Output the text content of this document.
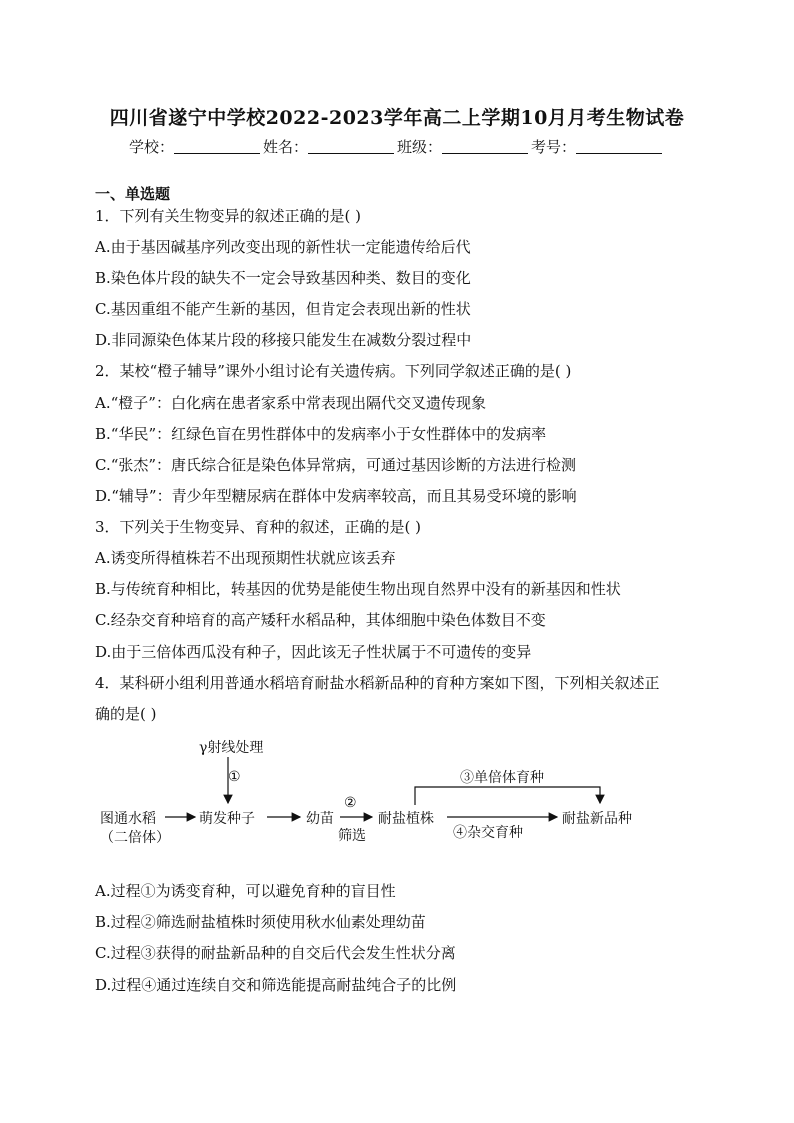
四川省遂宁中学校2022-2023学年高二上学期10月月考生物试卷
学校：	姓名：	班级：	考号：
一、单选题
1．下列有关生物变异的叙述正确的是( )
A.由于基因碱基序列改变出现的新性状一定能遗传给后代
B.染色体片段的缺失不一定会导致基因种类、数目的变化
C.基因重组不能产生新的基因，但肯定会表现出新的性状
D.非同源染色体某片段的移接只能发生在减数分裂过程中
2．某校“橙子辅导”课外小组讨论有关遗传病。下列同学叙述正确的是( )
A.“橙子”：白化病在患者家系中常表现出隔代交叉遗传现象
B.“华民”：红绿色盲在男性群体中的发病率小于女性群体中的发病率
C.“张杰”：唐氏综合征是染色体异常病，可通过基因诊断的方法进行检测
D.“辅导”：青少年型糖尿病在群体中发病率较高，而且其易受环境的影响
3．下列关于生物变异、育种的叙述，正确的是( )
A.诱变所得植株若不出现预期性状就应该丢弃
B.与传统育种相比，转基因的优势是能使生物出现自然界中没有的新基因和性状
C.经杂交育种培育的高产矮秆水稻品种，其体细胞中染色体数目不变
D.由于三倍体西瓜没有种子，因此该无子性状属于不可遗传的变异
4．某科研小组利用普通水稻培育耐盐水稻新品种的育种方案如下图，下列相关叙述正
确的是( )
γ射线处理
①
图通水稻
（二倍体）
萌发种子	幼苗
②
筛选
耐盐植株
③单倍体育种
④杂交育种
耐盐新品种
A.过程①为诱变育种，可以避免育种的盲目性
B.过程②筛选耐盐植株时须使用秋水仙素处理幼苗
C.过程③获得的耐盐新品种的自交后代会发生性状分离
D.过程④通过连续自交和筛选能提高耐盐纯合子的比例
